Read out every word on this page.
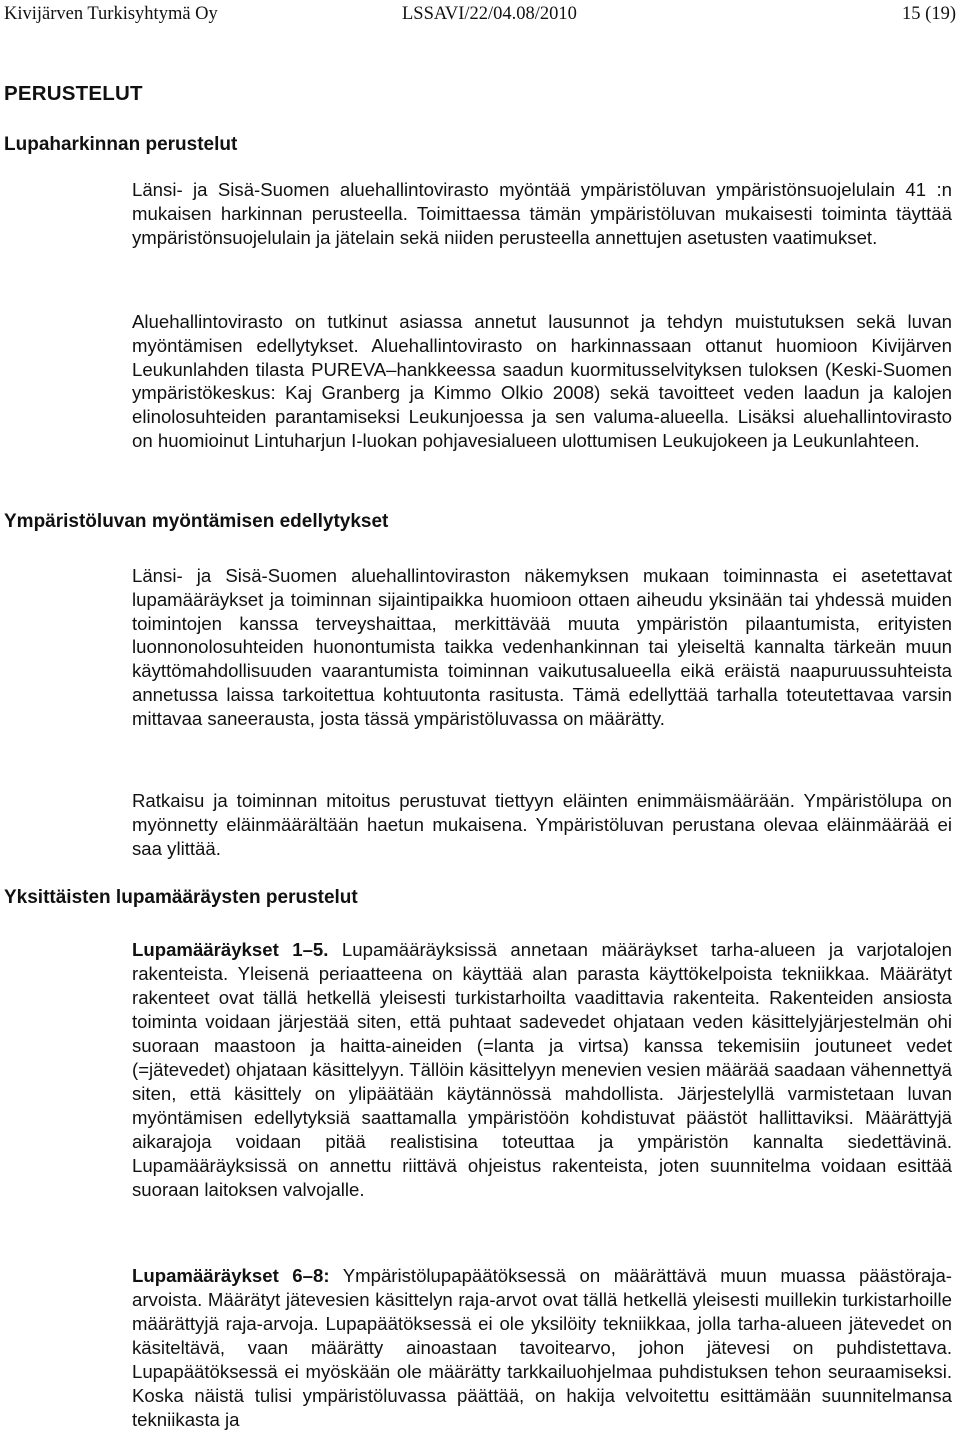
Kivijärven Turkisyhtymä Oy	LSSAVI/22/04.08/2010	15 (19)
PERUSTELUT
Lupaharkinnan perustelut

Länsi- ja Sisä-Suomen aluehallintovirasto myöntää ympäristöluvan ympäristönsuojelulain 41 :n mukaisen harkinnan perusteella. Toimittaessa tämän ympäristöluvan mukaisesti toiminta täyttää ympäristönsuojelulain ja jätelain sekä niiden perusteella annettujen asetusten vaatimukset.

Aluehallintovirasto on tutkinut asiassa annetut lausunnot ja tehdyn muistutuksen sekä luvan myöntämisen edellytykset. Aluehallintovirasto on harkinnassaan ottanut huomioon Kivijärven Leukunlahden tilasta PUREVA–hankkeessa saadun kuormitusselvityksen tuloksen (Keski-Suomen ympäristökeskus: Kaj Granberg ja Kimmo Olkio 2008) sekä tavoitteet veden laadun ja kalojen elinolosuhteiden parantamiseksi Leukunjoessa ja sen valuma-alueella. Lisäksi aluehallintovirasto on huomioinut Lintuharjun I-luokan pohjavesialueen ulottumisen Leukujokeen ja Leukunlahteen.

Ympäristöluvan myöntämisen edellytykset

Länsi- ja Sisä-Suomen aluehallintoviraston näkemyksen mukaan toiminnasta ei asetettavat lupamääräykset ja toiminnan sijaintipaikka huomioon ottaen aiheudu yksinään tai yhdessä muiden toimintojen kanssa terveyshaittaa, merkittävää muuta ympäristön pilaantumista, erityisten luonnonolosuhteiden huonontumista taikka vedenhankinnan tai yleiseltä kannalta tärkeän muun käyttömahdollisuuden vaarantumista toiminnan vaikutusalueella eikä eräistä naapuruussuhteista annetussa laissa tarkoitettua kohtuutonta rasitusta. Tämä edellyttää tarhalla toteutettavaa varsin mittavaa saneerausta, josta tässä ympäristöluvassa on määrätty.

Ratkaisu ja toiminnan mitoitus perustuvat tiettyyn eläinten enimmäismäärään. Ympäristölupa on myönnetty eläinmäärältään haetun mukaisena. Ympäristöluvan perustana olevaa eläinmäärää ei saa ylittää.

Yksittäisten lupamääräysten perustelut

Lupamääräykset 1–5. Lupamääräyksissä annetaan määräykset tarha-alueen ja varjotalojen rakenteista. Yleisenä periaatteena on käyttää alan parasta käyttökelpoista tekniikkaa. Määrätyt rakenteet ovat tällä hetkellä yleisesti turkistarhoilta vaadittavia rakenteita. Rakenteiden ansiosta toiminta voidaan järjestää siten, että puhtaat sadevedet ohjataan veden käsittelyjärjestelmän ohi suoraan maastoon ja haitta-aineiden (=lanta ja virtsa) kanssa tekemisiin joutuneet vedet (=jätevedet) ohjataan käsittelyyn. Tällöin käsittelyyn menevien vesien määrää saadaan vähennettyä siten, että käsittely on ylipäätään käytännössä mahdollista. Järjestelyllä varmistetaan luvan myöntämisen edellytyksiä saattamalla ympäristöön kohdistuvat päästöt hallittaviksi. Määrättyjä aikarajoja voidaan pitää realistisina toteuttaa ja ympäristön kannalta siedettävinä. Lupamääräyksissä on annettu riittävä ohjeistus rakenteista, joten suunnitelma voidaan esittää suoraan laitoksen valvojalle.

Lupamääräykset 6–8: Ympäristölupapäätöksessä on määrättävä muun muassa päästöraja-arvoista. Määrätyt jätevesien käsittelyn raja-arvot ovat tällä hetkellä yleisesti muillekin turkistarhoille määrättyjä raja-arvoja. Lupapäätöksessä ei ole yksilöity tekniikkaa, jolla tarha-alueen jätevedet on käsiteltävä, vaan määrätty ainoastaan tavoitearvo, johon jätevesi on puhdistettava. Lupapäätöksessä ei myöskään ole määrätty tarkkailuohjelmaa puhdistuksen tehon seuraamiseksi. Koska näistä tulisi ympäristöluvassa päättää, on hakija velvoitettu esittämään suunnitelmansa tekniikasta ja
